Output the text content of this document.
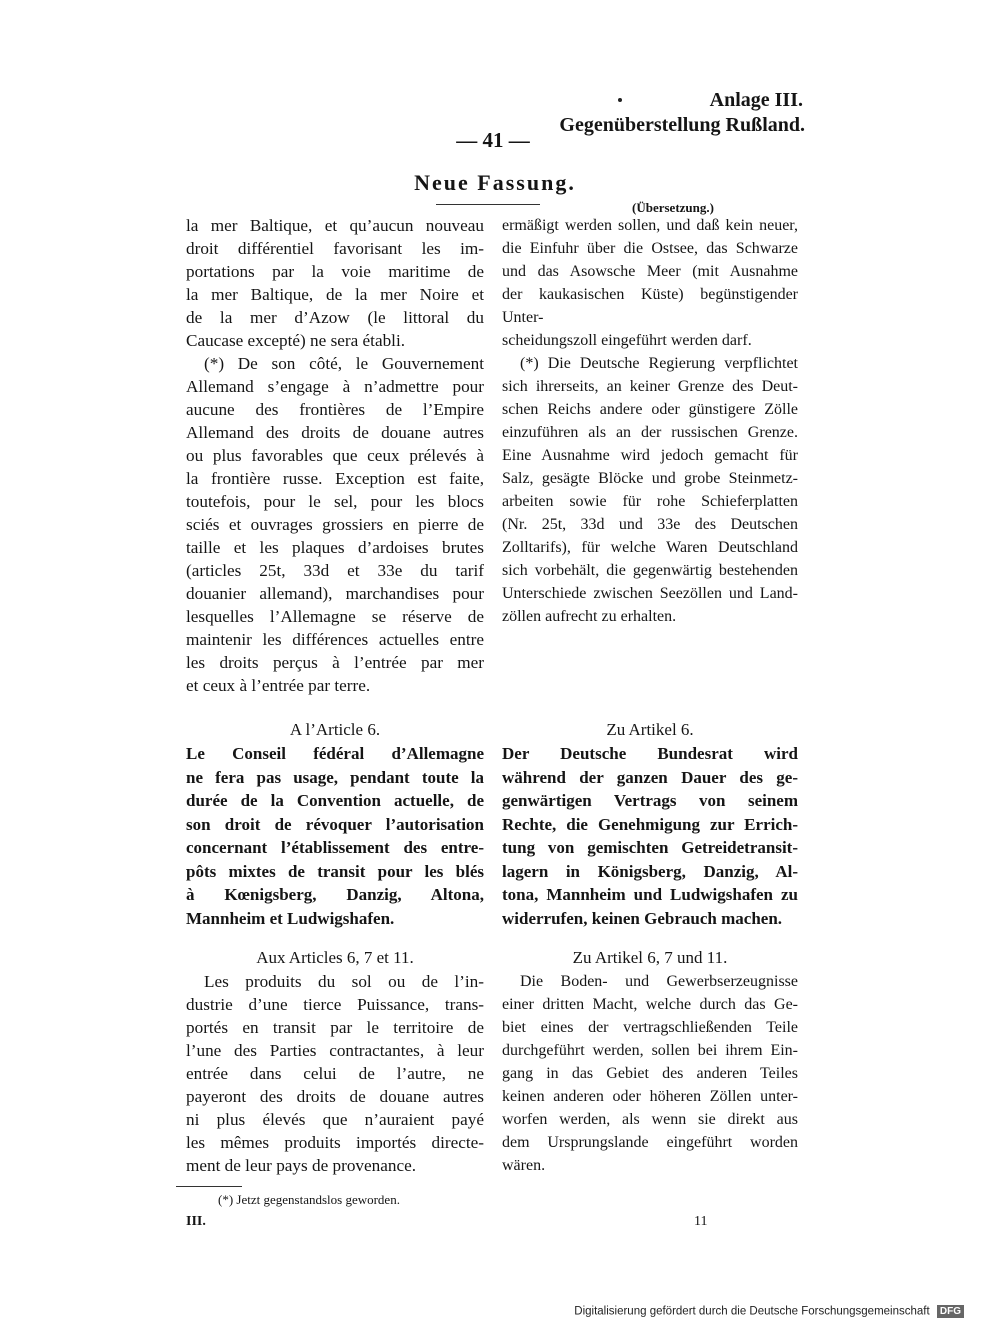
Anlage III.
Gegenüberstellung Rußland.
— 41 —
Neue Fassung.
(Übersetzung.)
la mer Baltique, et qu’aucun nouveau
droit différentiel favorisant les im-
portations par la voie maritime de
la mer Baltique, de la mer Noire et
de la mer d’Azow (le littoral du
Caucase excepté) ne sera établi.
(*) De son côté, le Gouvernement
Allemand s’engage à n’admettre pour
aucune des frontières de l’Empire
Allemand des droits de douane autres
ou plus favorables que ceux prélevés à
la frontière russe. Exception est faite,
toutefois, pour le sel, pour les blocs
sciés et ouvrages grossiers en pierre de
taille et les plaques d’ardoises brutes
(articles 25t, 33d et 33e du tarif
douanier allemand), marchandises pour
lesquelles l’Allemagne se réserve de
maintenir les différences actuelles entre
les droits perçus à l’entrée par mer
et ceux à l’entrée par terre.
A l’Article 6.
Le Conseil fédéral d’Allemagne
ne fera pas usage, pendant toute la
durée de la Convention actuelle, de
son droit de révoquer l’autorisation
concernant l’établissement des entre-
pôts mixtes de transit pour les blés
à Kœnigsberg, Danzig, Altona,
Mannheim et Ludwigshafen.
Aux Articles 6, 7 et 11.
Les produits du sol ou de l’in-
dustrie d’une tierce Puissance, trans-
portés en transit par le territoire de
l’une des Parties contractantes, à leur
entrée dans celui de l’autre, ne
payeront des droits de douane autres
ni plus élevés que n’auraient payé
les mêmes produits importés directe-
ment de leur pays de provenance.
ermäßigt werden sollen, und daß kein neuer,
die Einfuhr über die Ostsee, das Schwarze
und das Asowsche Meer (mit Ausnahme
der kaukasischen Küste) begünstigender Unter-
scheidungszoll eingeführt werden darf.
(*) Die Deutsche Regierung verpflichtet
sich ihrerseits, an keiner Grenze des Deut-
schen Reichs andere oder günstigere Zölle
einzuführen als an der russischen Grenze.
Eine Ausnahme wird jedoch gemacht für
Salz, gesägte Blöcke und grobe Steinmetz-
arbeiten sowie für rohe Schieferplatten
(Nr. 25t, 33d und 33e des Deutschen
Zolltarifs), für welche Waren Deutschland
sich vorbehält, die gegenwärtig bestehenden
Unterschiede zwischen Seezöllen und Land-
zöllen aufrecht zu erhalten.
Zu Artikel 6.
Der Deutsche Bundesrat wird
während der ganzen Dauer des ge-
genwärtigen Vertrags von seinem
Rechte, die Genehmigung zur Errich-
tung von gemischten Getreidetransit-
lagern in Königsberg, Danzig, Al-
tona, Mannheim und Ludwigshafen zu
widerrufen, keinen Gebrauch machen.
Zu Artikel 6, 7 und 11.
Die Boden- und Gewerbserzeugnisse
einer dritten Macht, welche durch das Ge-
biet eines der vertragschließenden Teile
durchgeführt werden, sollen bei ihrem Ein-
gang in das Gebiet des anderen Teiles
keinen anderen oder höheren Zöllen unter-
worfen werden, als wenn sie direkt aus
dem Ursprungslande eingeführt worden
wären.
(*) Jetzt gegenstandslos geworden.
III.	11
Digitalisierung gefördert durch die Deutsche Forschungsgemeinschaft DFG
